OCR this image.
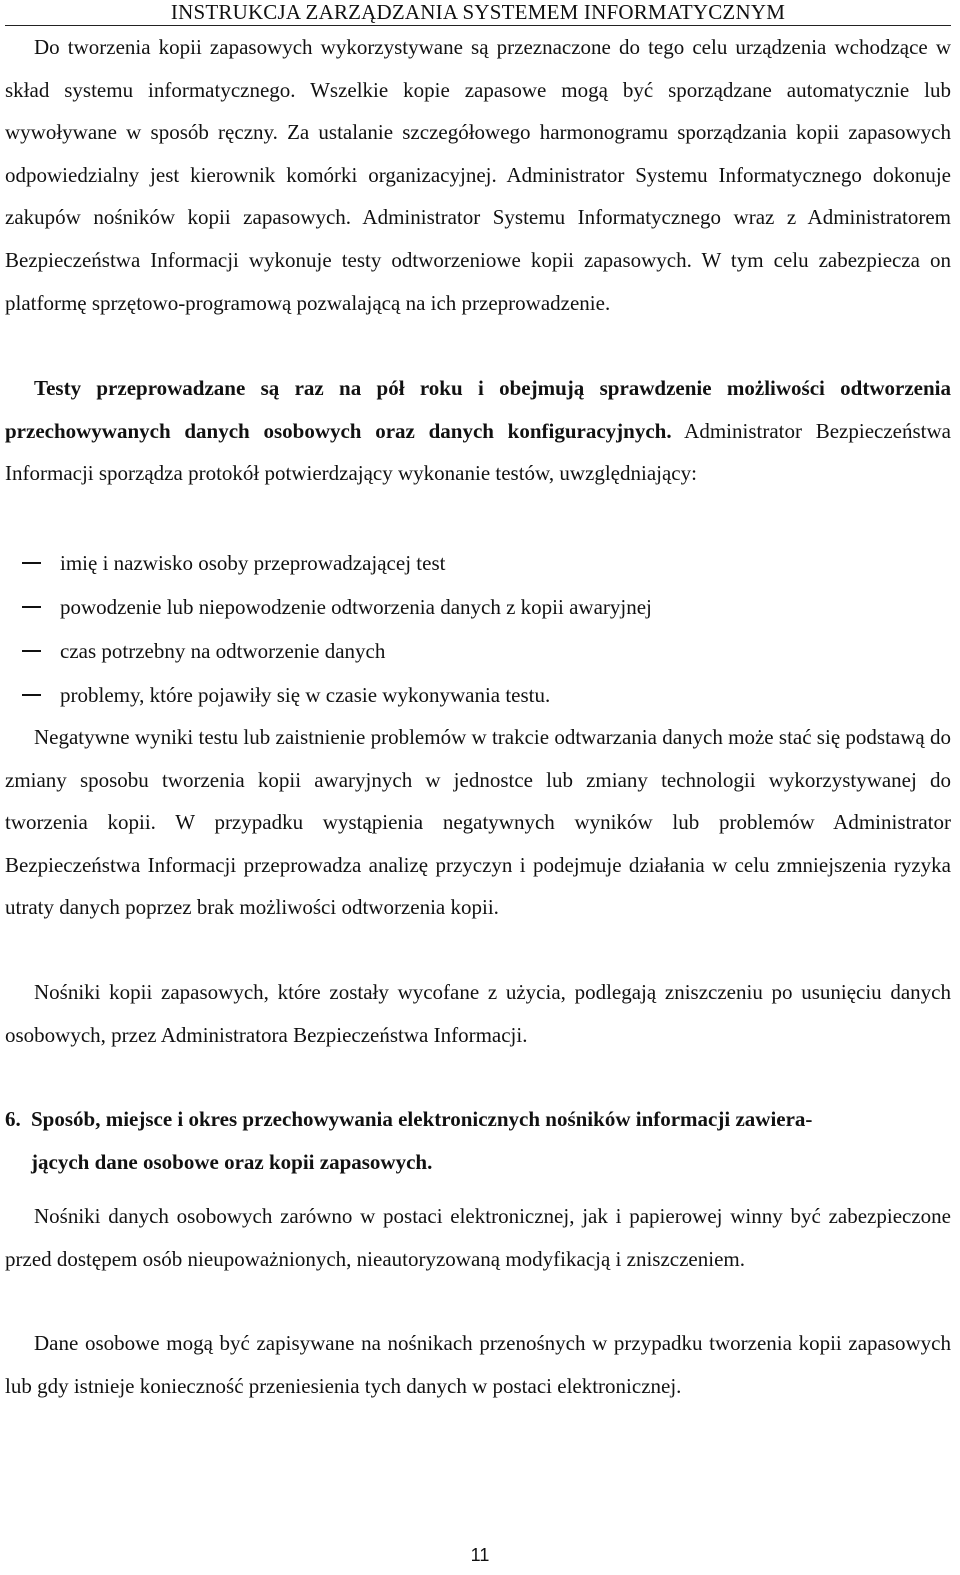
INSTRUKCJA ZARZĄDZANIA SYSTEMEM INFORMATYCZNYM

Do tworzenia kopii zapasowych wykorzystywane są przeznaczone do tego celu urządzenia wchodzące w skład systemu informatycznego. Wszelkie kopie zapasowe mogą być sporządzane automatycznie lub wywoływane w sposób ręczny. Za ustalanie szczegółowego harmonogramu sporządzania kopii zapasowych odpowiedzialny jest kierownik komórki organizacyjnej. Administrator Systemu Informatycznego dokonuje zakupów nośników kopii zapasowych. Administrator Systemu Informatycznego wraz z Administratorem Bezpieczeństwa Informacji wykonuje testy odtworzeniowe kopii zapasowych. W tym celu zabezpiecza on platformę sprzętowo-programową pozwalającą na ich przeprowadzenie.

Testy przeprowadzane są raz na pół roku i obejmują sprawdzenie możliwości odtworzenia przechowywanych danych osobowych oraz danych konfiguracyjnych. Administrator Bezpieczeństwa Informacji sporządza protokół potwierdzający wykonanie testów, uwzględniający:

imię i nazwisko osoby przeprowadzającej test
powodzenie lub niepowodzenie odtworzenia danych z kopii awaryjnej
czas potrzebny na odtworzenie danych
problemy, które pojawiły się w czasie wykonywania testu.

Negatywne wyniki testu lub zaistnienie problemów w trakcie odtwarzania danych może stać się podstawą do zmiany sposobu tworzenia kopii awaryjnych w jednostce lub zmiany technologii wykorzystywanej do tworzenia kopii. W przypadku wystąpienia negatywnych wyników lub problemów Administrator Bezpieczeństwa Informacji przeprowadza analizę przyczyn i podejmuje działania w celu zmniejszenia ryzyka utraty danych poprzez brak możliwości odtworzenia kopii.

Nośniki kopii zapasowych, które zostały wycofane z użycia, podlegają zniszczeniu po usunięciu danych osobowych, przez Administratora Bezpieczeństwa Informacji.

6. Sposób, miejsce i okres przechowywania elektronicznych nośników informacji zawiera-
jących dane osobowe oraz kopii zapasowych.

Nośniki danych osobowych zarówno w postaci elektronicznej, jak i papierowej winny być zabezpieczone przed dostępem osób nieupoważnionych, nieautoryzowaną modyfikacją i zniszczeniem.

Dane osobowe mogą być zapisywane na nośnikach przenośnych w przypadku tworzenia kopii zapasowych lub gdy istnieje konieczność przeniesienia tych danych w postaci elektronicznej.

11
